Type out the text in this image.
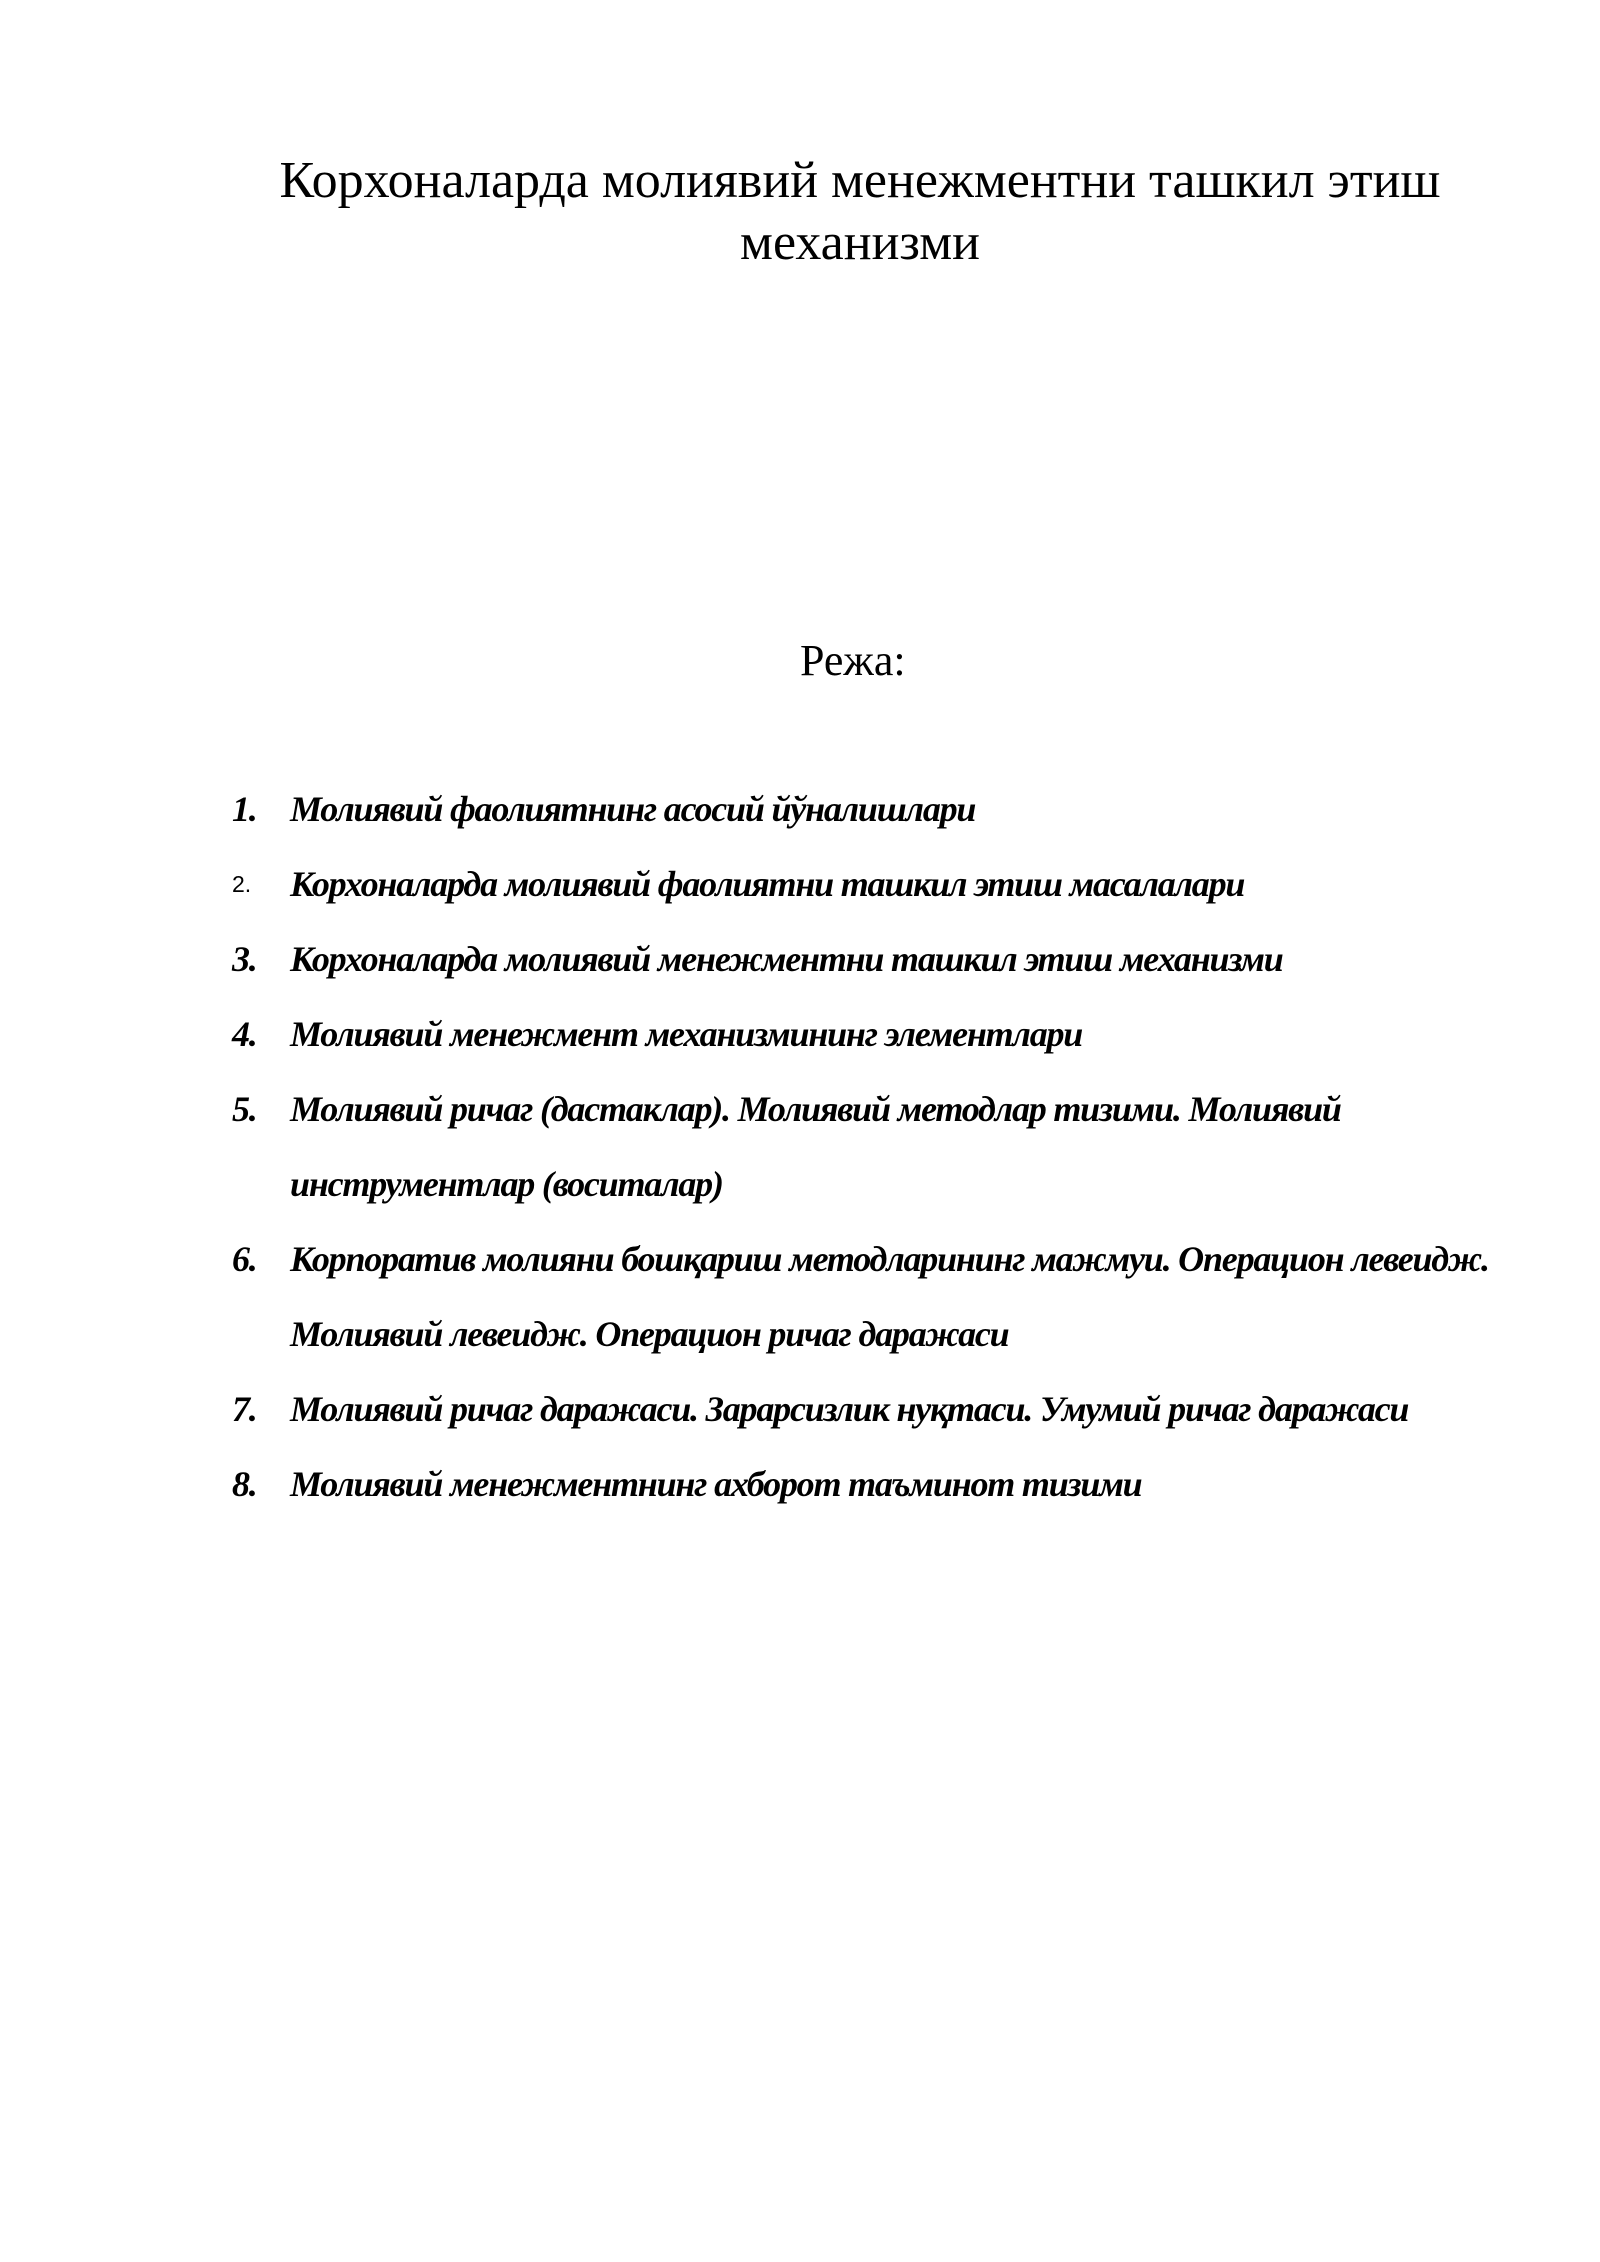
Корхоналарда молиявий менежментни ташкил этиш механизми

Режа:

1. Молиявий фаолиятнинг асосий йўналишлари
2.	Корхоналарда молиявий фаолиятни ташкил этиш масалалари
3. Корхоналарда молиявий менежментни ташкил этиш механизми
4. Молиявий менежмент механизмининг элементлари
5. Молиявий ричаг (дастаклар). Молиявий методлар тизими. Молиявий инструментлар (воситалар)
6. Корпоратив молияни бошқариш методларининг мажмуи. Операцион левеидж. Молиявий левеидж. Операцион ричаг даражаси
7. Молиявий ричаг даражаси. Зарарсизлик нуқтаси. Умумий ричаг даражаси
8. Молиявий менежментнинг ахборот таъминот тизими
